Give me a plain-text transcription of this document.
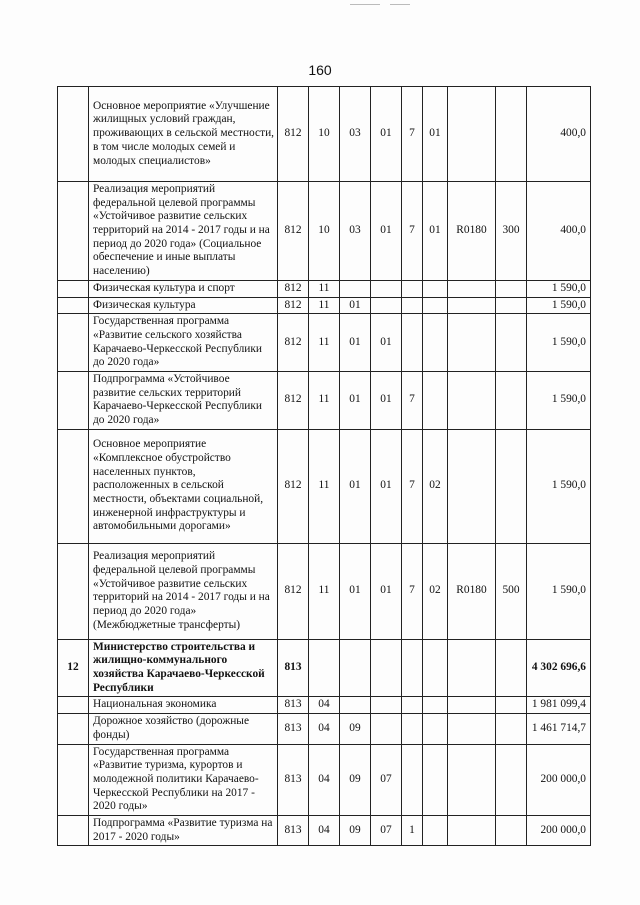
160
	Основное мероприятие «Улучшение жилищных условий граждан, проживающих в сельской местности, в том числе молодых семей и молодых специалистов»	812	10	03	01	7	01			400,0
	Реализация мероприятий федеральной целевой программы «Устойчивое развитие сельских территорий на 2014 - 2017 годы и на период до 2020 года» (Социальное обеспечение и иные выплаты населению)	812	10	03	01	7	01	R0180	300	400,0
	Физическая культура и спорт	812	11							1 590,0
	Физическая культура	812	11	01						1 590,0
	Государственная программа «Развитие сельского хозяйства Карачаево-Черкесской Республики до 2020 года»	812	11	01	01					1 590,0
	Подпрограмма «Устойчивое развитие сельских территорий Карачаево-Черкесской Республики до 2020 года»	812	11	01	01	7				1 590,0
	Основное мероприятие «Комплексное обустройство населенных пунктов, расположенных в сельской местности, объектами социальной, инженерной инфраструктуры и автомобильными дорогами»	812	11	01	01	7	02			1 590,0
	Реализация мероприятий федеральной целевой программы «Устойчивое развитие сельских территорий на 2014 - 2017 годы и на период до 2020 года» (Межбюджетные трансферты)	812	11	01	01	7	02	R0180	500	1 590,0
12	Министерство строительства и жилищно-коммунального хозяйства Карачаево-Черкесской Республики	813								4 302 696,6
	Национальная экономика	813	04							1 981 099,4
	Дорожное хозяйство (дорожные фонды)	813	04	09						1 461 714,7
	Государственная программа «Развитие туризма, курортов и молодежной политики Карачаево-Черкесской Республики на 2017 - 2020 годы»	813	04	09	07					200 000,0
	Подпрограмма «Развитие туризма на 2017 - 2020 годы»	813	04	09	07	1				200 000,0
